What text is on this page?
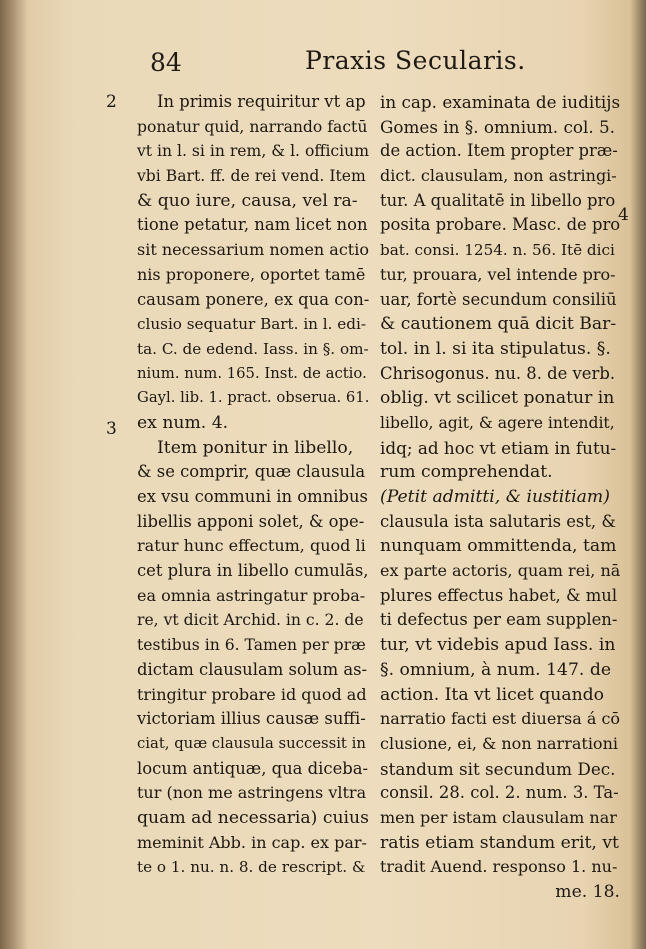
84	Praxis Secularis.
2
3
4
In primis requiritur vt ap
ponatur quid, narrando factū
vt in l. si in rem, & l. officium
vbi Bart. ff. de rei vend. Item
& quo iure, causa, vel ra-
tione petatur, nam licet non
sit necessarium nomen actio
nis proponere, oportet tamē
causam ponere, ex qua con-
clusio sequatur Bart. in l. edi-
ta. C. de edend. Iass. in §. om-
nium. num. 165. Inst. de actio.
Gayl. lib. 1. pract. obserua. 61.
ex num. 4.
Item ponitur in libello,
& se comprir, quæ clausula
ex vsu communi in omnibus
libellis apponi solet, & ope-
ratur hunc effectum, quod li
cet plura in libello cumulās,
ea omnia astringatur proba-
re, vt dicit Archid. in c. 2. de
testibus in 6. Tamen per præ
dictam clausulam solum as-
tringitur probare id quod ad
victoriam illius causæ suffi-
ciat, quæ clausula successit in
locum antiquæ, qua dicebа-
tur (non me astringens vltra
quam ad necessaria) cuius
meminit Abb. in cap. ex par-
te o 1. nu. n. 8. de rescript. &
in cap. examinata de iuditijs
Gomes in §. omnium. col. 5.
de action. Item propter præ-
dict. clausulam, non astringi-
tur. A qualitatē in libello pro
posita probare. Masc. de pro
bat. consi. 1254. n. 56. Itē dici
tur, prouara, vel intende pro-
uar, fortè secundum consiliū
& cautionem quā dicit Bar-
tol. in l. si ita stipulatus. §.
Chrisogonus. nu. 8. de verb.
oblig. vt scilicet ponatur in
libello, agit, & agere intendit,
idq; ad hoc vt etiam in futu-
rum comprehendat.
(Petit admitti, & iustitiam)
clausula ista salutaris est, &
nunquam ommittenda, tam
ex parte actoris, quam rei, nā
plures effectus habet, & mul
ti defectus per eam supplen-
tur, vt videbis apud Iass. in
§. omnium, à num. 147. de
action. Ita vt licet quando
narratio facti est diuersa á cō
clusione, ei, & non narrationi
standum sit secundum Dec.
consil. 28. col. 2. num. 3. Ta-
men per istam clausulam nar
ratis etiam standum erit, vt
tradit Auend. responso 1. nu-
me. 18.
